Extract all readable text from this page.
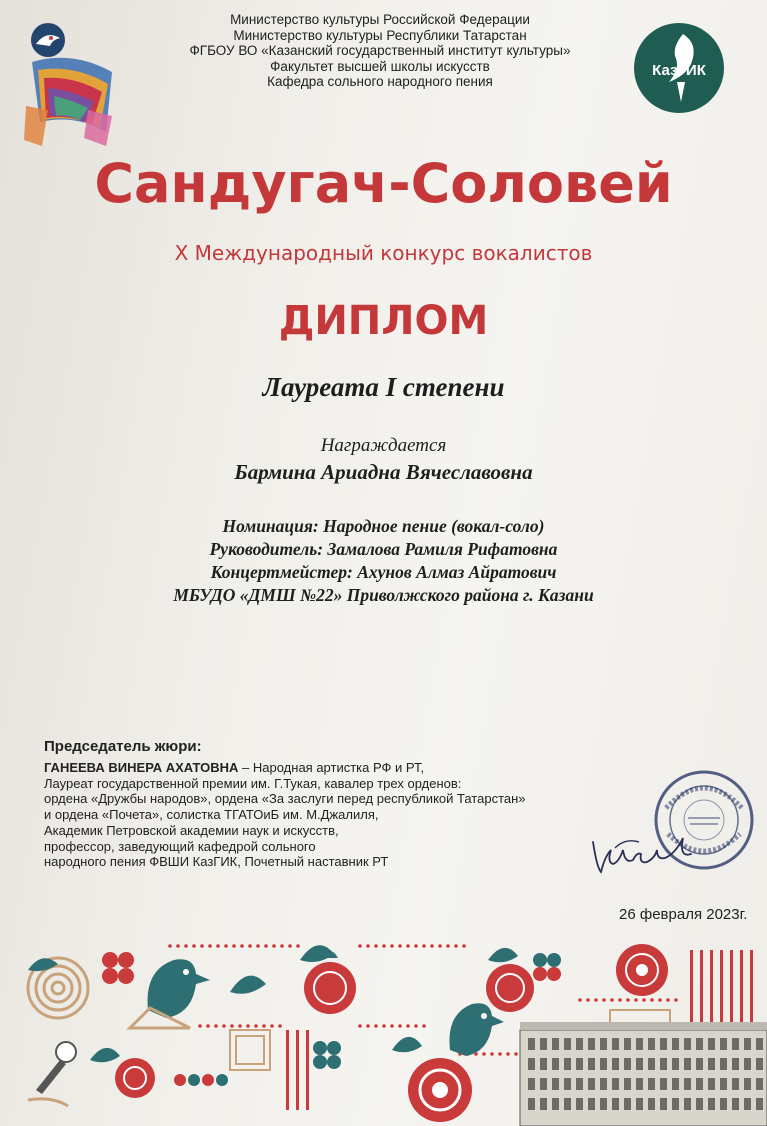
Министерство культуры Российской Федерации
Министерство культуры Республики Татарстан
ФГБОУ ВО «Казанский государственный институт культуры»
Факультет высшей школы искусств
Кафедра сольного народного пения
КазГИК
Сандугач-Соловей
X Международный конкурс вокалистов
ДИПЛОМ
Лауреата I степени
Награждается
Бармина Ариадна Вячеславовна
Номинация: Народное пение (вокал-соло)
Руководитель: Замалова Рамиля Рифатовна
Концертмейстер: Ахунов Алмаз Айратович
МБУДО «ДМШ №22» Приволжского района г. Казани
Председатель жюри:
ГАНЕЕВА ВИНЕРА АХАТОВНА – Народная артистка РФ и РТ,
Лауреат государственной премии им. Г.Тукая, кавалер трех орденов:
ордена «Дружбы народов», ордена «За заслуги перед республикой Татарстан»
и ордена «Почета», солистка ТГАТОиБ им. М.Джалиля,
Академик Петровской академии наук и искусств,
профессор, заведующий кафедрой сольного
народного пения ФВШИ КазГИК, Почетный наставник РТ
26 февраля 2023г.
